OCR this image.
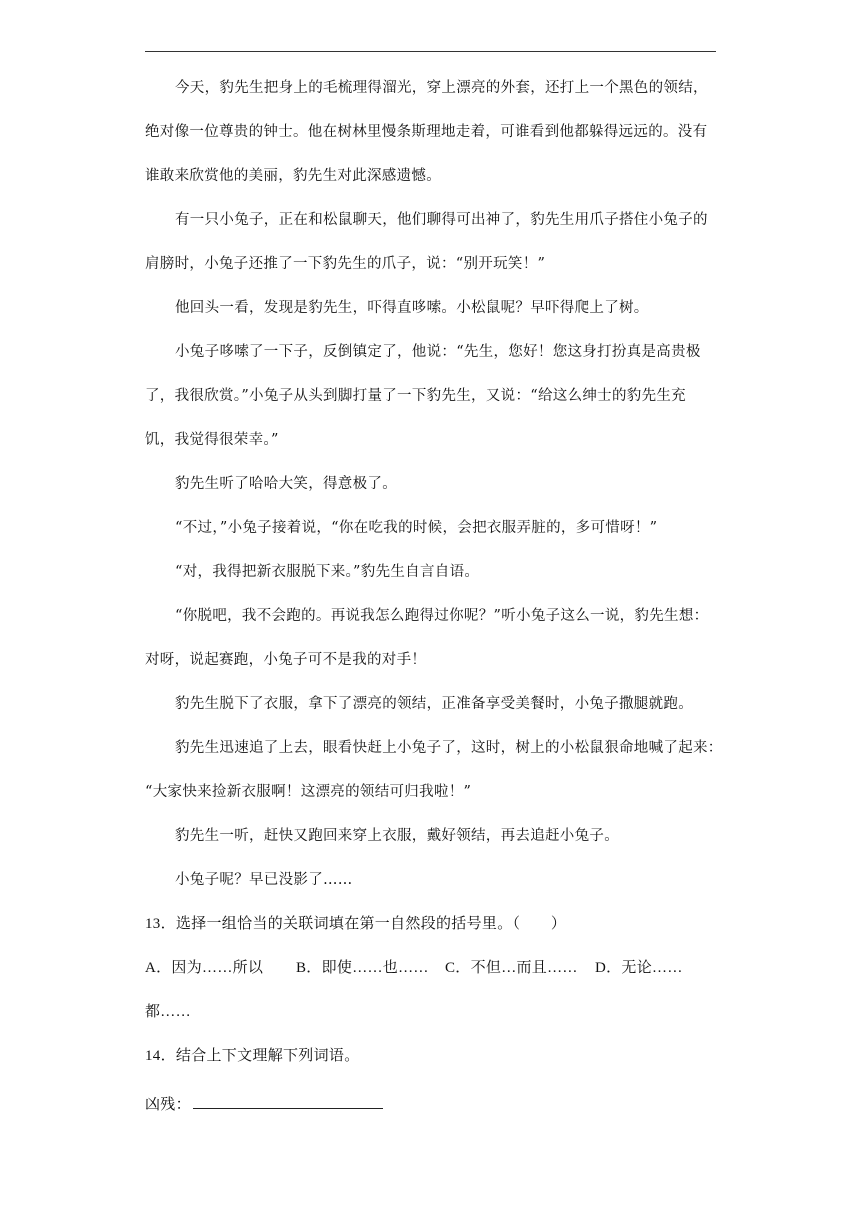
今天，豹先生把身上的毛梳理得溜光，穿上漂亮的外套，还打上一个黑色的领结，
绝对像一位尊贵的钟士。他在树林里慢条斯理地走着，可谁看到他都躲得远远的。没有
谁敢来欣赏他的美丽，豹先生对此深感遗憾。
有一只小兔子，正在和松鼠聊天，他们聊得可出神了，豹先生用爪子搭住小兔子的
肩膀时，小兔子还推了一下豹先生的爪子，说：“别开玩笑！”
他回头一看，发现是豹先生，吓得直哆嗦。小松鼠呢？早吓得爬上了树。
小兔子哆嗦了一下子，反倒镇定了，他说：“先生，您好！您这身打扮真是高贵极
了，我很欣赏。”小兔子从头到脚打量了一下豹先生，又说：“给这么绅士的豹先生充
饥，我觉得很荣幸。”
豹先生听了哈哈大笑，得意极了。
“不过，”小兔子接着说，“你在吃我的时候，会把衣服弄脏的，多可惜呀！”
“对，我得把新衣服脱下来。”豹先生自言自语。
“你脱吧，我不会跑的。再说我怎么跑得过你呢？”听小兔子这么一说，豹先生想：
对呀，说起赛跑，小兔子可不是我的对手！
豹先生脱下了衣服，拿下了漂亮的领结，正准备享受美餐时，小兔子撒腿就跑。
豹先生迅速追了上去，眼看快赶上小兔子了，这时，树上的小松鼠狠命地喊了起来：
“大家快来捡新衣服啊！这漂亮的领结可归我啦！”
豹先生一听，赶快又跑回来穿上衣服，戴好领结，再去追赶小兔子。
小兔子呢？早已没影了……
13．选择一组恰当的关联词填在第一自然段的括号里。（　　）
A．因为……所以 B．即使……也…… C．不但…而且…… D．无论……
都……
14．结合上下文理解下列词语。
凶残：
